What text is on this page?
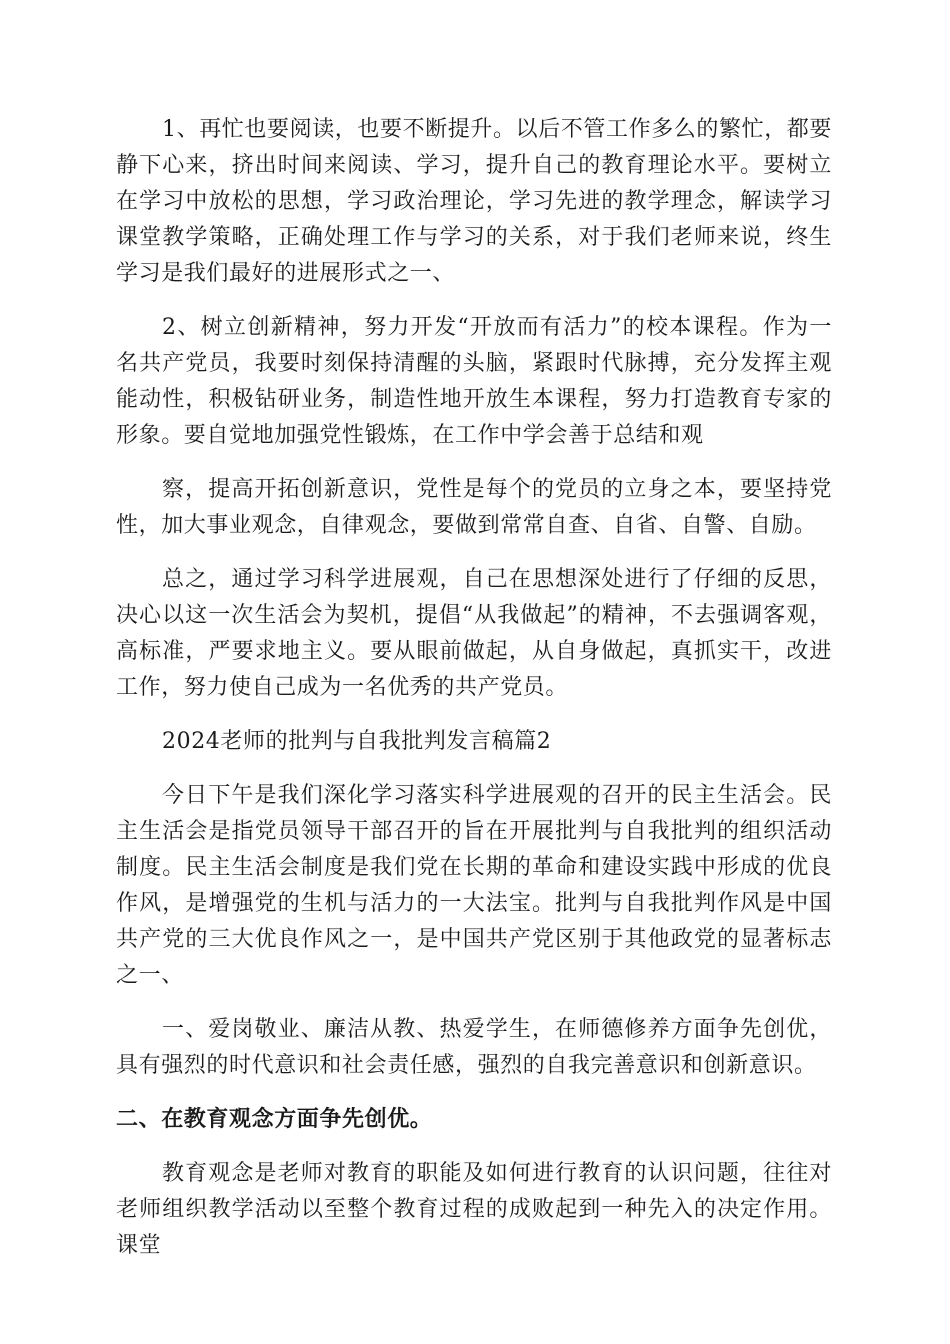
1、再忙也要阅读，也要不断提升。以后不管工作多么的繁忙，都要静下心来，挤出时间来阅读、学习，提升自己的教育理论水平。要树立在学习中放松的思想，学习政治理论，学习先进的教学理念，解读学习课堂教学策略，正确处理工作与学习的关系，对于我们老师来说，终生学习是我们最好的进展形式之一、

2、树立创新精神，努力开发“开放而有活力”的校本课程。作为一名共产党员，我要时刻保持清醒的头脑，紧跟时代脉搏，充分发挥主观能动性，积极钻研业务，制造性地开放生本课程，努力打造教育专家的形象。要自觉地加强党性锻炼，在工作中学会善于总结和观

察，提高开拓创新意识，党性是每个的党员的立身之本，要坚持党性，加大事业观念，自律观念，要做到常常自查、自省、自警、自励。

总之，通过学习科学进展观，自己在思想深处进行了仔细的反思，决心以这一次生活会为契机，提倡“从我做起”的精神，不去强调客观，高标准，严要求地主义。要从眼前做起，从自身做起，真抓实干，改进工作，努力使自己成为一名优秀的共产党员。

2024老师的批判与自我批判发言稿篇2

今日下午是我们深化学习落实科学进展观的召开的民主生活会。民主生活会是指党员领导干部召开的旨在开展批判与自我批判的组织活动制度。民主生活会制度是我们党在长期的革命和建设实践中形成的优良作风，是增强党的生机与活力的一大法宝。批判与自我批判作风是中国共产党的三大优良作风之一，是中国共产党区别于其他政党的显著标志之一、

一、爱岗敬业、廉洁从教、热爱学生，在师德修养方面争先创优，具有强烈的时代意识和社会责任感，强烈的自我完善意识和创新意识。

二、在教育观念方面争先创优。

教育观念是老师对教育的职能及如何进行教育的认识问题，往往对老师组织教学活动以至整个教育过程的成败起到一种先入的决定作用。课堂
